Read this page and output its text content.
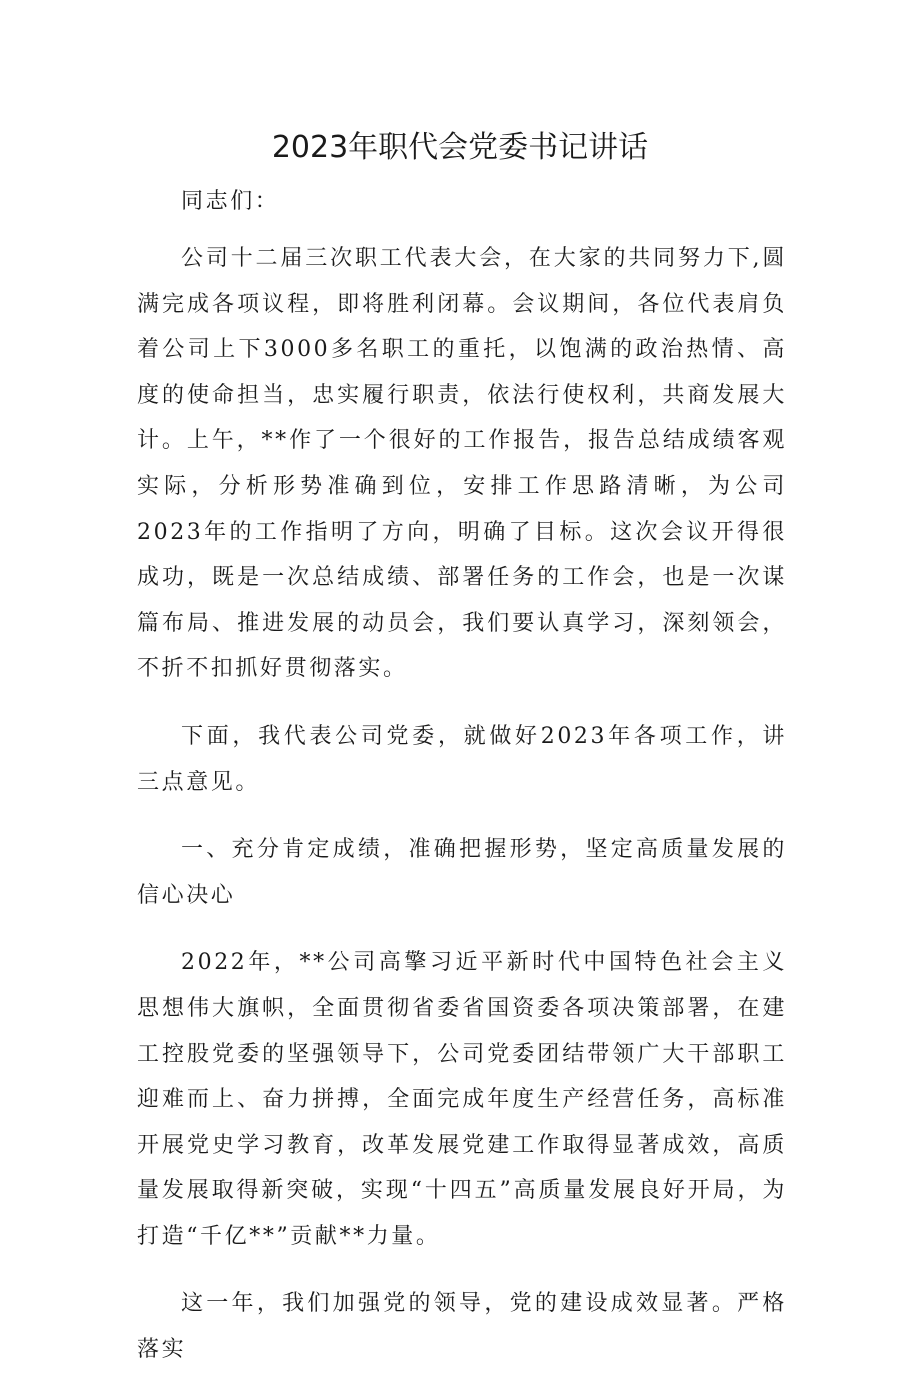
2023年职代会党委书记讲话

同志们：

公司十二届三次职工代表大会，在大家的共同努力下,圆满完成各项议程，即将胜利闭幕。会议期间，各位代表肩负着公司上下3000多名职工的重托，以饱满的政治热情、高度的使命担当，忠实履行职责，依法行使权利，共商发展大计。上午，**作了一个很好的工作报告，报告总结成绩客观实际，分析形势准确到位，安排工作思路清晰，为公司2023年的工作指明了方向，明确了目标。这次会议开得很成功，既是一次总结成绩、部署任务的工作会，也是一次谋篇布局、推进发展的动员会，我们要认真学习，深刻领会，不折不扣抓好贯彻落实。

下面，我代表公司党委，就做好2023年各项工作，讲三点意见。

一、充分肯定成绩，准确把握形势，坚定高质量发展的信心决心

2022年，**公司高擎习近平新时代中国特色社会主义思想伟大旗帜，全面贯彻省委省国资委各项决策部署，在建工控股党委的坚强领导下，公司党委团结带领广大干部职工迎难而上、奋力拼搏，全面完成年度生产经营任务，高标准开展党史学习教育，改革发展党建工作取得显著成效，高质量发展取得新突破，实现“十四五”高质量发展良好开局，为打造“千亿**”贡献**力量。

这一年，我们加强党的领导，党的建设成效显著。严格落实
